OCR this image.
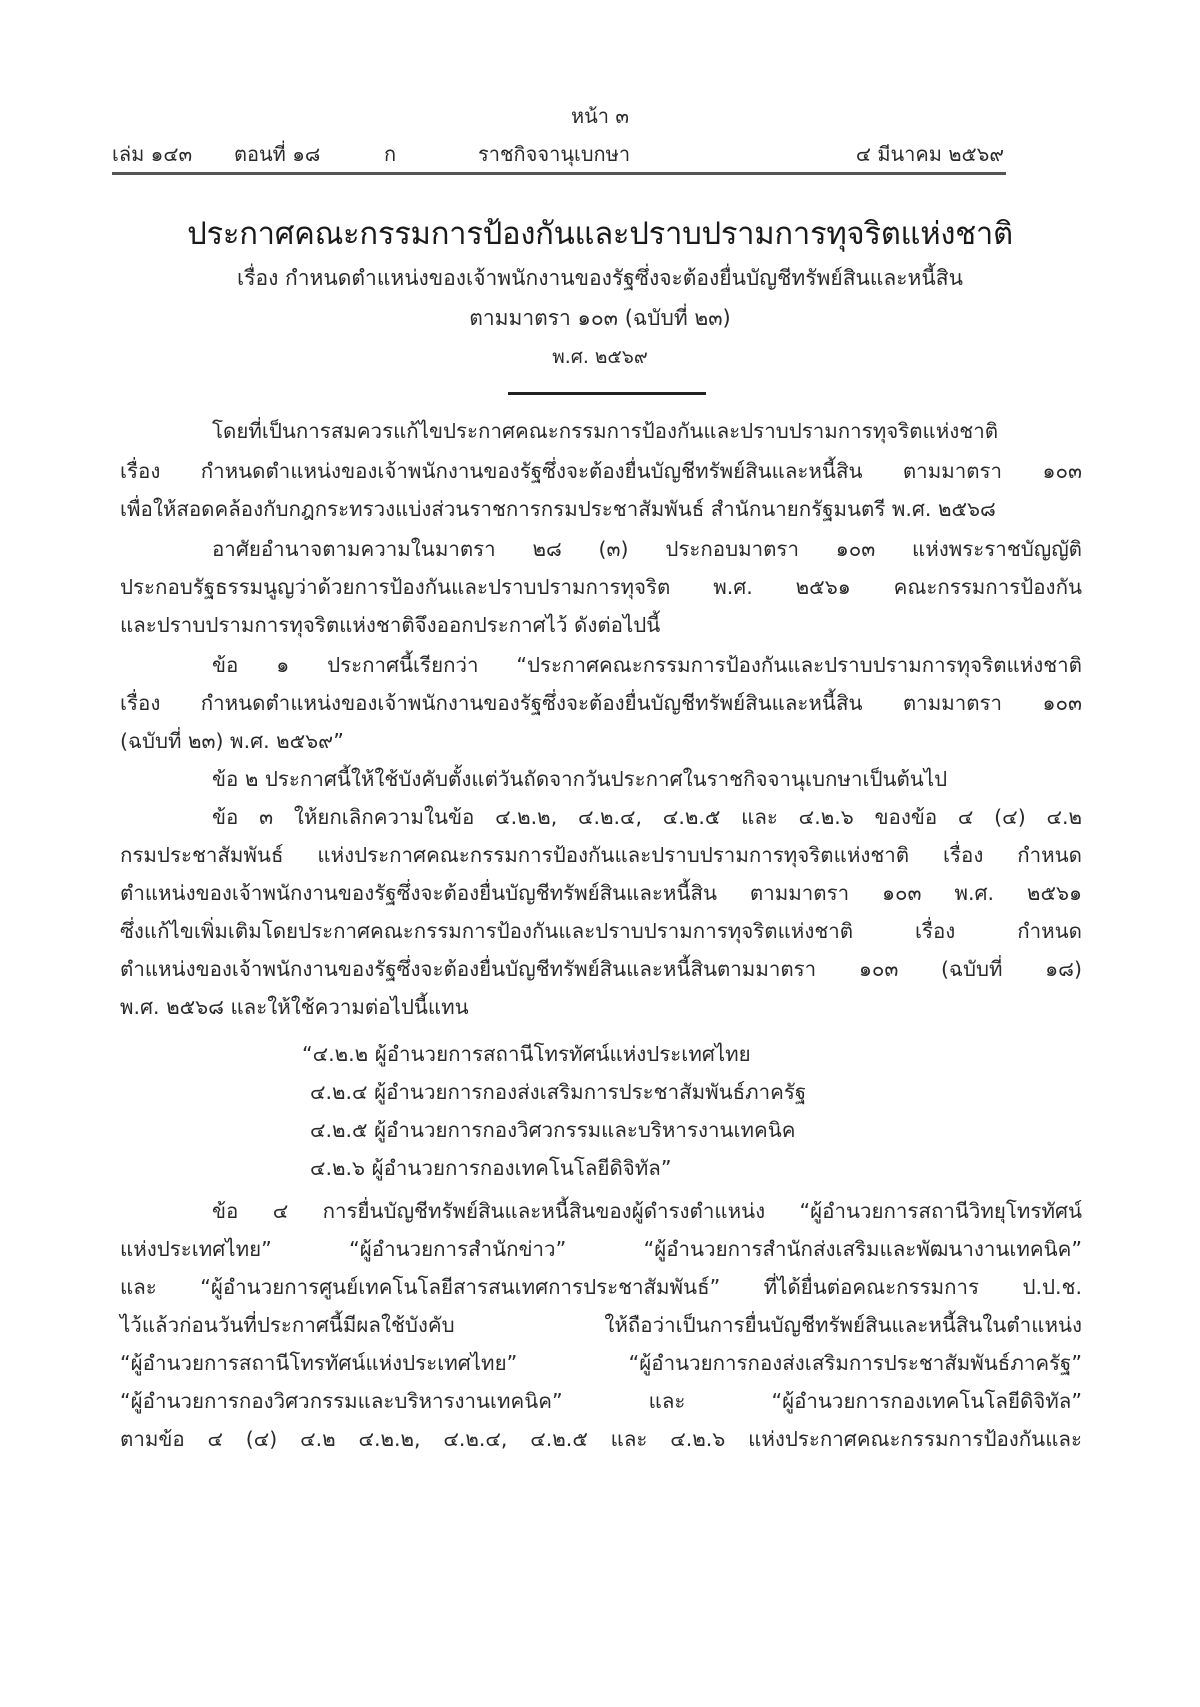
หน้า ๓
เล่ม ๑๔๓ ตอนที่ ๑๘	ก	ราชกิจจานุเบกษา	๔ มีนาคม ๒๕๖๙
ประกาศคณะกรรมการป้องกันและปราบปรามการทุจริตแห่งชาติ
เรื่อง กำหนดตำแหน่งของเจ้าพนักงานของรัฐซึ่งจะต้องยื่นบัญชีทรัพย์สินและหนี้สิน
ตามมาตรา ๑๐๓ (ฉบับที่ ๒๓)
พ.ศ. ๒๕๖๙
โดยที่เป็นการสมควรแก้ไขประกาศคณะกรรมการป้องกันและปราบปรามการทุจริตแห่งชาติ
เรื่อง กำหนดตำแหน่งของเจ้าพนักงานของรัฐซึ่งจะต้องยื่นบัญชีทรัพย์สินและหนี้สิน ตามมาตรา ๑๐๓
เพื่อให้สอดคล้องกับกฎกระทรวงแบ่งส่วนราชการกรมประชาสัมพันธ์ สำนักนายกรัฐมนตรี พ.ศ. ๒๕๖๘
อาศัยอำนาจตามความในมาตรา ๒๘ (๓) ประกอบมาตรา ๑๐๓ แห่งพระราชบัญญัติ
ประกอบรัฐธรรมนูญว่าด้วยการป้องกันและปราบปรามการทุจริต พ.ศ. ๒๕๖๑ คณะกรรมการป้องกัน
และปราบปรามการทุจริตแห่งชาติจึงออกประกาศไว้ ดังต่อไปนี้
ข้อ ๑ ประกาศนี้เรียกว่า “ประกาศคณะกรรมการป้องกันและปราบปรามการทุจริตแห่งชาติ
เรื่อง กำหนดตำแหน่งของเจ้าพนักงานของรัฐซึ่งจะต้องยื่นบัญชีทรัพย์สินและหนี้สิน ตามมาตรา ๑๐๓
(ฉบับที่ ๒๓) พ.ศ. ๒๕๖๙”
ข้อ ๒ ประกาศนี้ให้ใช้บังคับตั้งแต่วันถัดจากวันประกาศในราชกิจจานุเบกษาเป็นต้นไป
ข้อ ๓ ให้ยกเลิกความในข้อ ๔.๒.๒, ๔.๒.๔, ๔.๒.๕ และ ๔.๒.๖ ของข้อ ๔ (๔) ๔.๒
กรมประชาสัมพันธ์ แห่งประกาศคณะกรรมการป้องกันและปราบปรามการทุจริตแห่งชาติ เรื่อง กำหนด
ตำแหน่งของเจ้าพนักงานของรัฐซึ่งจะต้องยื่นบัญชีทรัพย์สินและหนี้สิน ตามมาตรา ๑๐๓ พ.ศ. ๒๕๖๑
ซึ่งแก้ไขเพิ่มเติมโดยประกาศคณะกรรมการป้องกันและปราบปรามการทุจริตแห่งชาติ เรื่อง กำหนด
ตำแหน่งของเจ้าพนักงานของรัฐซึ่งจะต้องยื่นบัญชีทรัพย์สินและหนี้สินตามมาตรา ๑๐๓ (ฉบับที่ ๑๘)
พ.ศ. ๒๕๖๘ และให้ใช้ความต่อไปนี้แทน
“๔.๒.๒ ผู้อำนวยการสถานีโทรทัศน์แห่งประเทศไทย
๔.๒.๔ ผู้อำนวยการกองส่งเสริมการประชาสัมพันธ์ภาครัฐ
๔.๒.๕ ผู้อำนวยการกองวิศวกรรมและบริหารงานเทคนิค
๔.๒.๖ ผู้อำนวยการกองเทคโนโลยีดิจิทัล”
ข้อ ๔ การยื่นบัญชีทรัพย์สินและหนี้สินของผู้ดำรงตำแหน่ง “ผู้อำนวยการสถานีวิทยุโทรทัศน์
แห่งประเทศไทย” “ผู้อำนวยการสำนักข่าว” “ผู้อำนวยการสำนักส่งเสริมและพัฒนางานเทคนิค”
และ “ผู้อำนวยการศูนย์เทคโนโลยีสารสนเทศการประชาสัมพันธ์” ที่ได้ยื่นต่อคณะกรรมการ ป.ป.ช.
ไว้แล้วก่อนวันที่ประกาศนี้มีผลใช้บังคับ ให้ถือว่าเป็นการยื่นบัญชีทรัพย์สินและหนี้สินในตำแหน่ง
“ผู้อำนวยการสถานีโทรทัศน์แห่งประเทศไทย” “ผู้อำนวยการกองส่งเสริมการประชาสัมพันธ์ภาครัฐ”
“ผู้อำนวยการกองวิศวกรรมและบริหารงานเทคนิค” และ “ผู้อำนวยการกองเทคโนโลยีดิจิทัล”
ตามข้อ ๔ (๔) ๔.๒ ๔.๒.๒, ๔.๒.๔, ๔.๒.๕ และ ๔.๒.๖ แห่งประกาศคณะกรรมการป้องกันและ
